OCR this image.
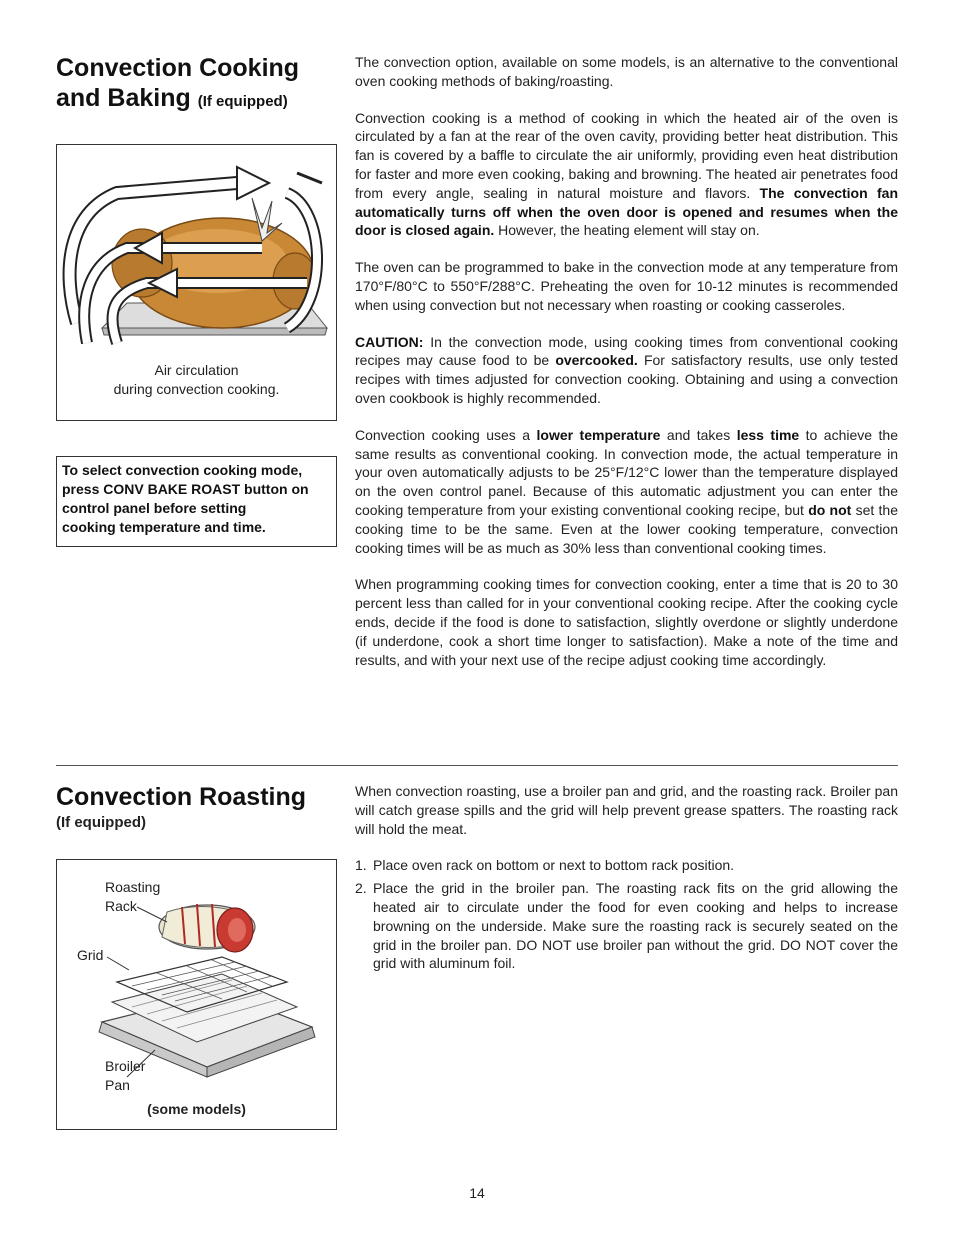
Convection Cooking
and Baking (If equipped)
Air circulation
during convection cooking.
To select convection cooking mode,
press CONV BAKE ROAST button on
control panel before setting
cooking temperature and time.

The convection option, available on some models, is an alternative to the conventional oven cooking methods of baking/roasting.

Convection cooking is a method of cooking in which the heated air of the oven is circulated by a fan at the rear of the oven cavity, providing better heat distribution. This fan is covered by a baffle to circulate the air uniformly, providing even heat distribution for faster and more even cooking, baking and browning. The heated air penetrates food from every angle, sealing in natural moisture and flavors. The convection fan automatically turns off when the oven door is opened and resumes when the door is closed again. However, the heating element will stay on.

The oven can be programmed to bake in the convection mode at any temperature from 170°F/80°C to 550°F/288°C. Preheating the oven for 10-12 minutes is recommended when using convection but not necessary when roasting or cooking casseroles.

CAUTION: In the convection mode, using cooking times from conventional cooking recipes may cause food to be overcooked. For satisfactory results, use only tested recipes with times adjusted for convection cooking. Obtaining and using a convection oven cookbook is highly recommended.

Convection cooking uses a lower temperature and takes less time to achieve the same results as conventional cooking. In convection mode, the actual temperature in your oven automatically adjusts to be 25°F/12°C lower than the temperature displayed on the oven control panel. Because of this automatic adjustment you can enter the cooking temperature from your existing conventional cooking recipe, but do not set the cooking time to be the same. Even at the lower cooking temperature, convection cooking times will be as much as 30% less than conventional cooking times.

When programming cooking times for convection cooking, enter a time that is 20 to 30 percent less than called for in your conventional cooking recipe. After the cooking cycle ends, decide if the food is done to satisfaction, slightly overdone or slightly underdone (if underdone, cook a short time longer to satisfaction). Make a note of the time and results, and with your next use of the recipe adjust cooking time accordingly.

Convection Roasting
(If equipped)
Roasting
Rack
Grid
Broiler
Pan
(some models)

When convection roasting, use a broiler pan and grid, and the roasting rack. Broiler pan will catch grease spills and the grid will help prevent grease spatters. The roasting rack will hold the meat.

1. Place oven rack on bottom or next to bottom rack position.
2. Place the grid in the broiler pan. The roasting rack fits on the grid allowing the heated air to circulate under the food for even cooking and helps to increase browning on the underside. Make sure the roasting rack is securely seated on the grid in the broiler pan. DO NOT use broiler pan without the grid. DO NOT cover the grid with aluminum foil.
14
